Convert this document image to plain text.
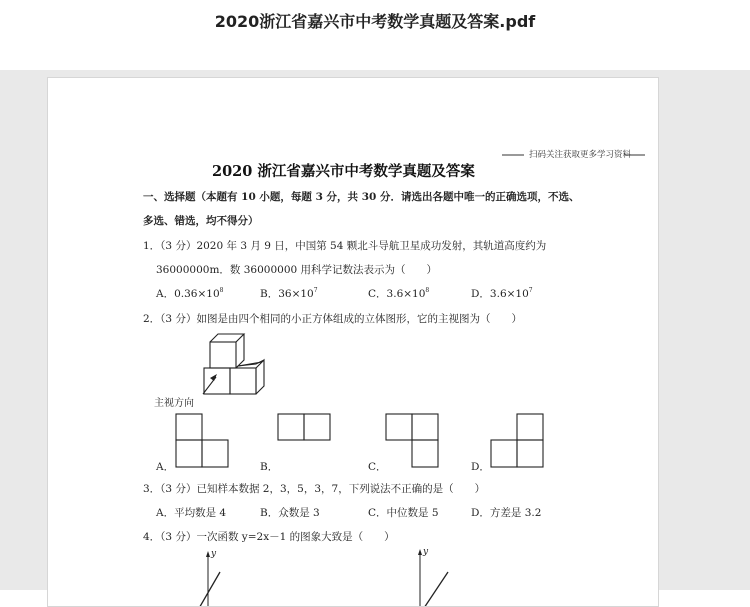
2020浙江省嘉兴市中考数学真题及答案.pdf
扫码关注获取更多学习资料
2020 浙江省嘉兴市中考数学真题及答案
一、选择题（本题有 10 小题，每题 3 分，共 30 分．请选出各题中唯一的正确选项，不选、
多选、错选，均不得分）
1．（3 分）2020 年 3 月 9 日，中国第 54 颗北斗导航卫星成功发射，其轨道高度约为
36000000m．数 36000000 用科学记数法表示为（　　）
A．$0.36\times 10^8$	B．$36\times 10^7$	C．$3.6\times 10^8$	D．$3.6\times 10^7$
2．（3 分）如图是由四个相同的小正方体组成的立体图形，它的主视图为（　　）
主视方向
A．	B．	C．	D．
3．（3 分）已知样本数据 2，3，5，3，7，下列说法不正确的是（　　）
A．平均数是 4	B．众数是 3	C．中位数是 5	D．方差是 3.2
4．（3 分）一次函数 y=2x－1 的图象大致是（　　）
y	y
